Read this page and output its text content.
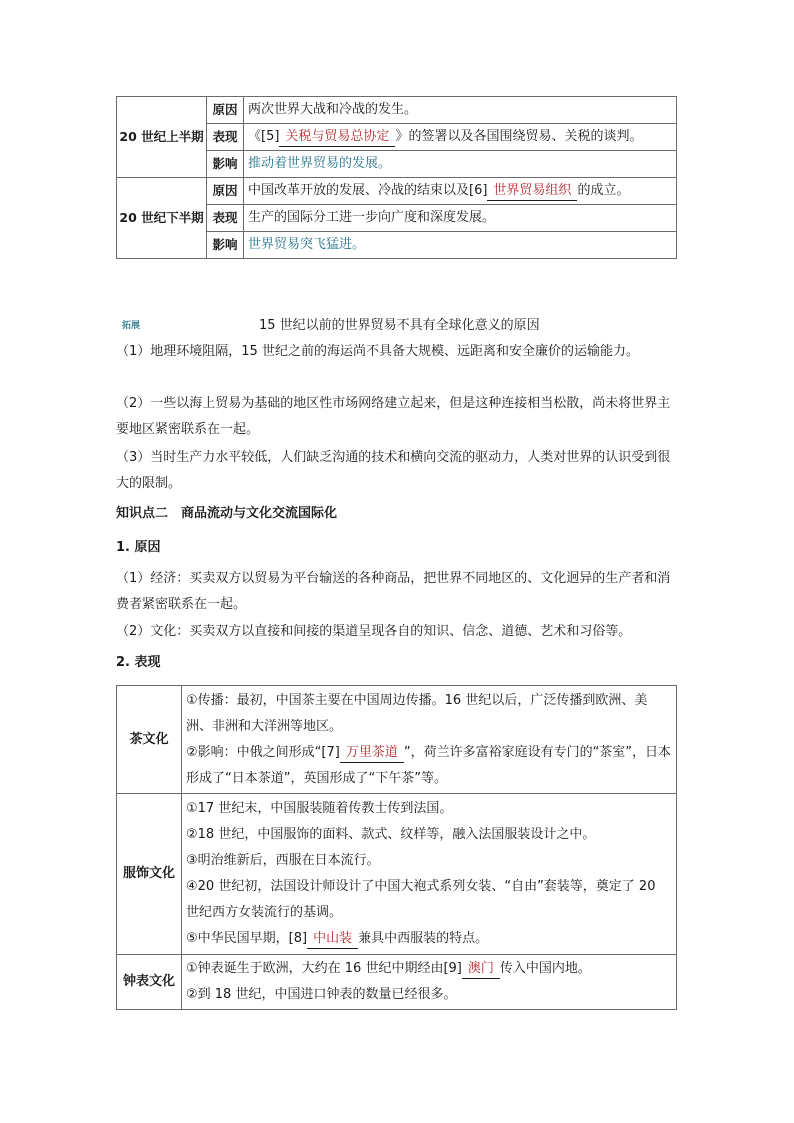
20 世纪上半期	原因	两次世界大战和冷战的发生。
	表现	《[5] 关税与贸易总协定 》的签署以及各国围绕贸易、关税的谈判。
	影响	推动着世界贸易的发展。
20 世纪下半期	原因	中国改革开放的发展、冷战的结束以及[6] 世界贸易组织 的成立。
	表现	生产的国际分工进一步向广度和深度发展。
	影响	世界贸易突飞猛进。
拓展	15 世纪以前的世界贸易不具有全球化意义的原因
（1）地理环境阻隔，15 世纪之前的海运尚不具备大规模、远距离和安全廉价的运输能力。
（2）一些以海上贸易为基础的地区性市场网络建立起来，但是这种连接相当松散，尚未将世界主要地区紧密联系在一起。
（3）当时生产力水平较低，人们缺乏沟通的技术和横向交流的驱动力，人类对世界的认识受到很大的限制。
知识点二　商品流动与文化交流国际化
1. 原因
（1）经济：买卖双方以贸易为平台输送的各种商品，把世界不同地区的、文化迥异的生产者和消费者紧密联系在一起。
（2）文化：买卖双方以直接和间接的渠道呈现各自的知识、信念、道德、艺术和习俗等。
2. 表现
茶文化	①传播：最初，中国茶主要在中国周边传播。16 世纪以后，广泛传播到欧洲、美洲、非洲和大洋洲等地区。
②影响：中俄之间形成“[7] 万里茶道 ”，荷兰许多富裕家庭设有专门的“茶室”，日本形成了“日本茶道”，英国形成了“下午茶”等。

服饰文化	①17 世纪末，中国服装随着传教士传到法国。
②18 世纪，中国服饰的面料、款式、纹样等，融入法国服装设计之中。
③明治维新后，西服在日本流行。
④20 世纪初，法国设计师设计了中国大袍式系列女装、“自由”套装等，奠定了 20 世纪西方女装流行的基调。
⑤中华民国早期，[8] 中山装 兼具中西服装的特点。

钟表文化	①钟表诞生于欧洲，大约在 16 世纪中期经由[9] 澳门 传入中国内地。
②到 18 世纪，中国进口钟表的数量已经很多。
